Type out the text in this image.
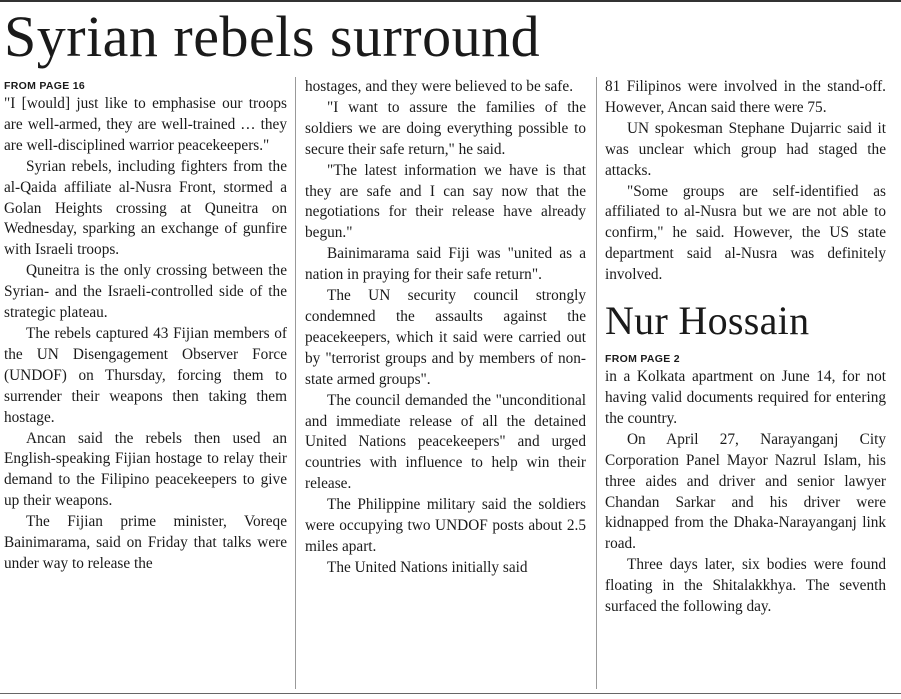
Syrian rebels surround
FROM PAGE 16

"I [would] just like to emphasise our troops are well-armed, they are well-trained … they are well-disciplined warrior peacekeepers."

Syrian rebels, including fighters from the al-Qaida affiliate al-Nusra Front, stormed a Golan Heights crossing at Quneitra on Wednesday, sparking an exchange of gunfire with Israeli troops.

Quneitra is the only crossing between the Syrian- and the Israeli-controlled side of the strategic plateau.

The rebels captured 43 Fijian members of the UN Disengagement Observer Force (UNDOF) on Thursday, forcing them to surrender their weapons then taking them hostage.

Ancan said the rebels then used an English-speaking Fijian hostage to relay their demand to the Filipino peacekeepers to give up their weapons.

The Fijian prime minister, Voreqe Bainimarama, said on Friday that talks were under way to release the

hostages, and they were believed to be safe.

"I want to assure the families of the soldiers we are doing everything possible to secure their safe return," he said.

"The latest information we have is that they are safe and I can say now that the negotiations for their release have already begun."

Bainimarama said Fiji was "united as a nation in praying for their safe return".

The UN security council strongly condemned the assaults against the peacekeepers, which it said were carried out by "terrorist groups and by members of non-state armed groups".

The council demanded the "unconditional and immediate release of all the detained United Nations peacekeepers" and urged countries with influence to help win their release.

The Philippine military said the soldiers were occupying two UNDOF posts about 2.5 miles apart.

The United Nations initially said

81 Filipinos were involved in the stand-off. However, Ancan said there were 75.

UN spokesman Stephane Dujarric said it was unclear which group had staged the attacks.

"Some groups are self-identified as affiliated to al-Nusra but we are not able to confirm," he said. However, the US state department said al-Nusra was definitely involved.

Nur Hossain
FROM PAGE 2

in a Kolkata apartment on June 14, for not having valid documents required for entering the country.

On April 27, Narayanganj City Corporation Panel Mayor Nazrul Islam, his three aides and driver and senior lawyer Chandan Sarkar and his driver were kidnapped from the Dhaka-Narayanganj link road.

Three days later, six bodies were found floating in the Shitalakkhya. The seventh surfaced the following day.
